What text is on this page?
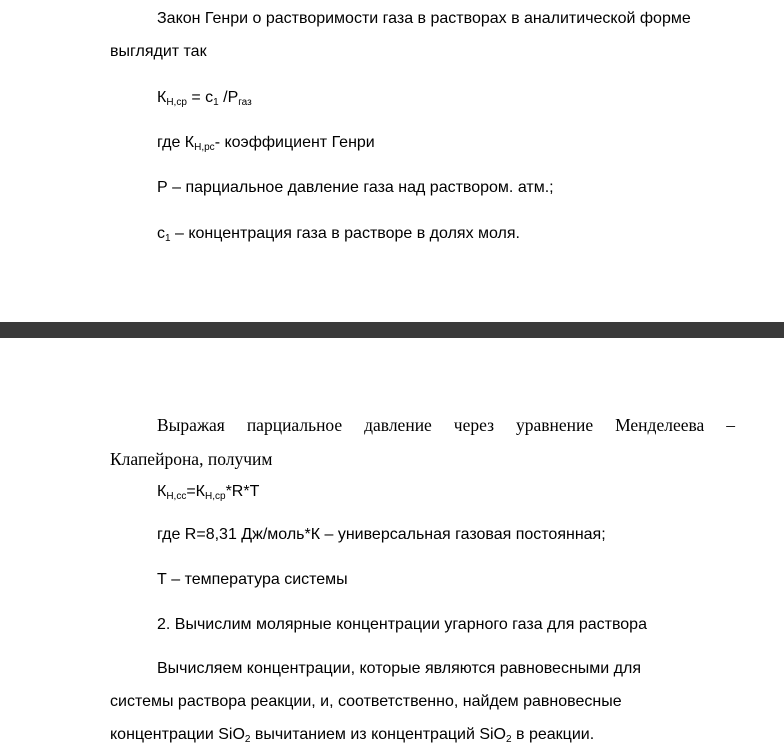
Закон Генри о растворимости газа в растворах в аналитической форме
выглядит так
КН,ср = c1 /Pгаз
где КН,рс- коэффициент Генри
Р – парциальное давление газа над раствором. атм.;
c1 – концентрация газа в растворе в долях моля.
Выражая парциальное давление через уравнение Менделеева –
Клапейрона, получим
КН,сс=КН,ср*R*T
где R=8,31 Дж/моль*К – универсальная газовая постоянная;
Т – температура системы
2. Вычислим молярные концентрации угарного газа для раствора
Вычисляем концентрации, которые являются равновесными для
системы раствора реакции, и, соответственно, найдем равновесные
концентрации SiO2 вычитанием из концентраций SiO2 в реакции.
